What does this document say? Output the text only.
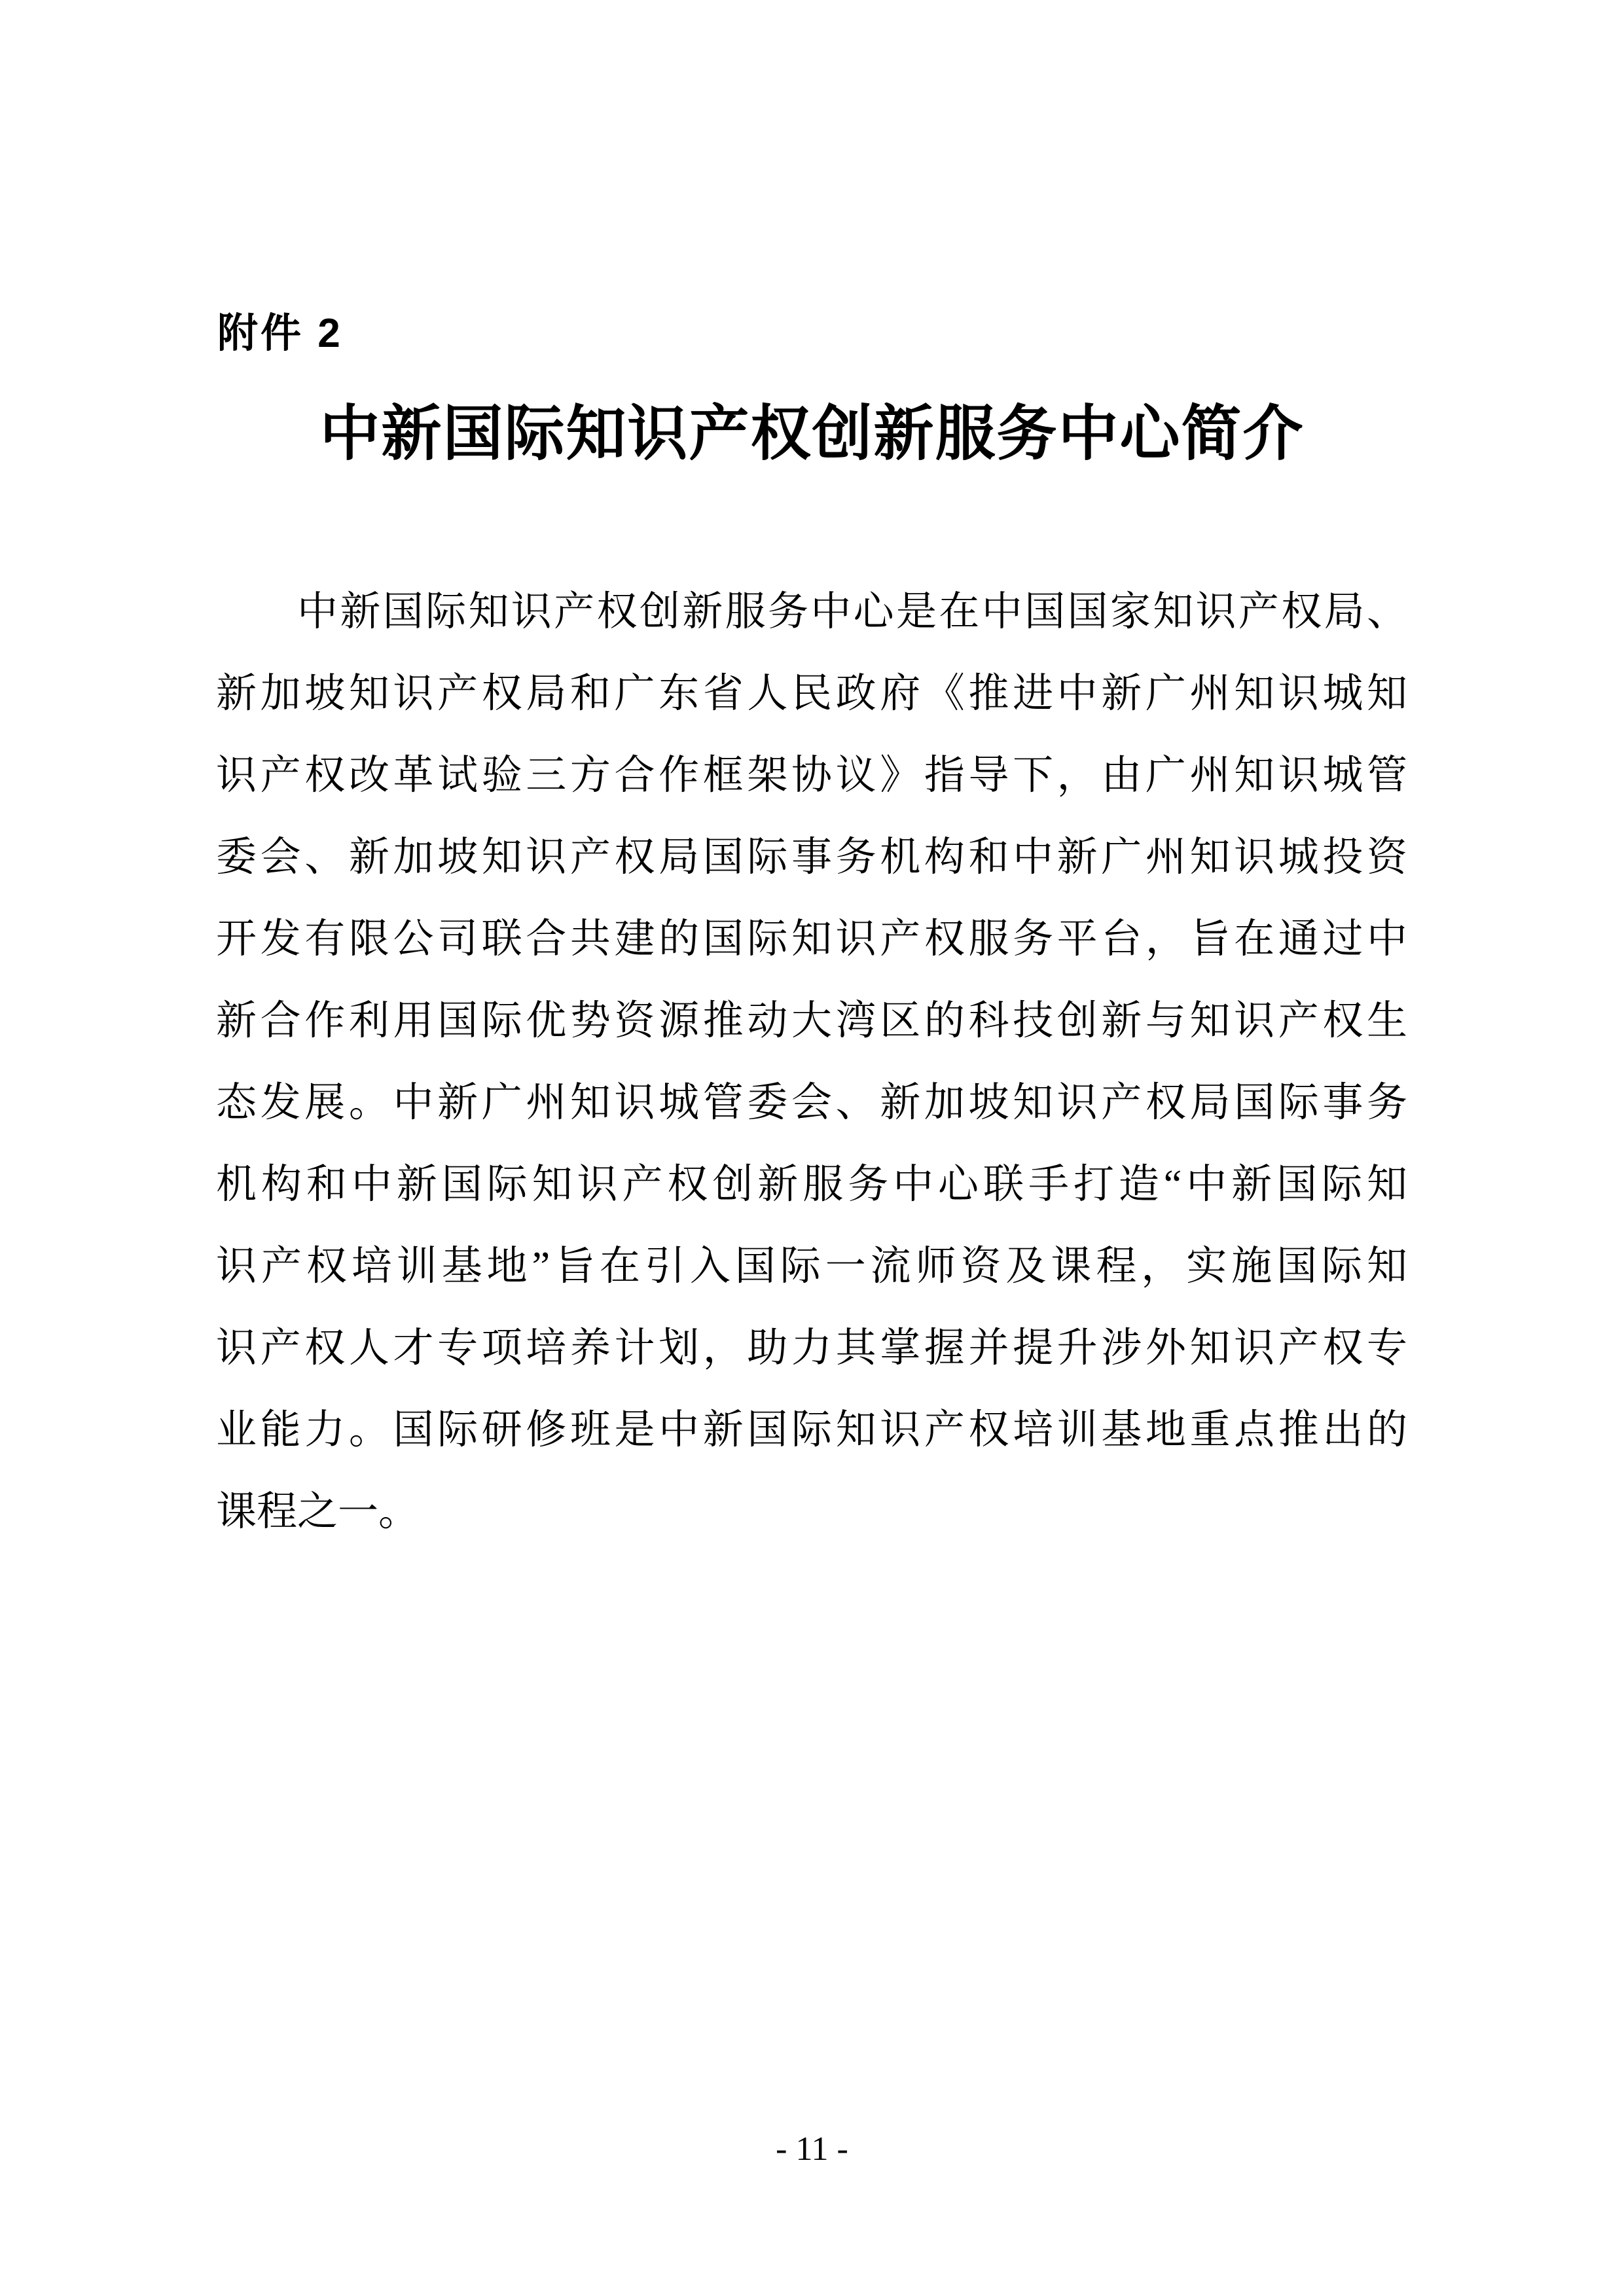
附件 2
中新国际知识产权创新服务中心简介
中新国际知识产权创新服务中心是在中国国家知识产权局、
新加坡知识产权局和广东省人民政府《推进中新广州知识城知
识产权改革试验三方合作框架协议》指导下，由广州知识城管
委会、新加坡知识产权局国际事务机构和中新广州知识城投资
开发有限公司联合共建的国际知识产权服务平台，旨在通过中
新合作利用国际优势资源推动大湾区的科技创新与知识产权生
态发展。中新广州知识城管委会、新加坡知识产权局国际事务
机构和中新国际知识产权创新服务中心联手打造“中新国际知
识产权培训基地”旨在引入国际一流师资及课程，实施国际知
识产权人才专项培养计划，助力其掌握并提升涉外知识产权专
业能力。国际研修班是中新国际知识产权培训基地重点推出的
课程之一。
- 11 -
